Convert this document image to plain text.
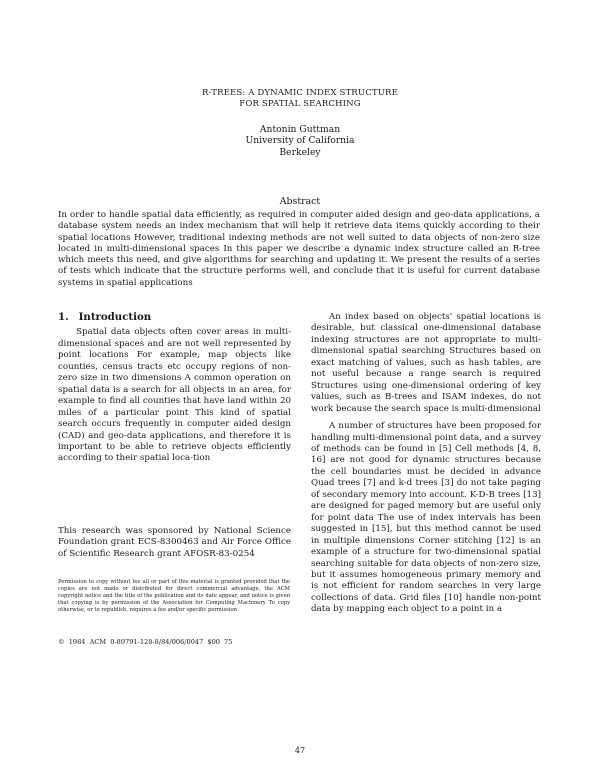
R-TREES: A DYNAMIC INDEX STRUCTURE
FOR SPATIAL SEARCHING
Antonin Guttman
University of California
Berkeley
Abstract
In order to handle spatial data efficiently, as required in computer aided design and geo-data applications, a database system needs an index mechanism that will help it retrieve data items quickly according to their spatial locations However, traditional indexing methods are not well suited to data objects of non-zero size located in multi-dimensional spaces In this paper we describe a dynamic index structure called an R-tree which meets this need, and give algorithms for searching and updating it. We present the results of a series of tests which indicate that the structure performs well, and conclude that it is useful for current database systems in spatial applications
1. Introduction

Spatial data objects often cover areas in multi-dimensional spaces and are not well represented by point locations For example, map objects like counties, census tracts etc occupy regions of non-zero size in two dimensions A common operation on spatial data is a search for all objects in an area, for example to find all counties that have land within 20 miles of a particular point This kind of spatial search occurs frequently in computer aided design (CAD) and geo-data applications, and therefore it is important to be able to retrieve objects efficiently according to their spatial loca-tion

An index based on objects' spatial locations is desirable, but classical one-dimensional database indexing structures are not appropriate to multi-dimensional spatial searching Structures based on exact matching of values, such as hash tables, are not useful because a range search is required Structures using one-dimensional ordering of key values, such as B-trees and ISAM indexes, do not work because the search space is multi-dimensional

A number of structures have been proposed for handling multi-dimensional point data, and a survey of methods can be found in [5] Cell methods [4, 8, 16] are not good for dynamic structures because the cell boundaries must be decided in advance Quad trees [7] and k-d trees [3] do not take paging of secondary memory into account. K-D-B trees [13] are designed for paged memory but are useful only for point data The use of index intervals has been suggested in [15], but this method cannot be used in multiple dimensions Corner stitching [12] is an example of a structure for two-dimensional spatial searching suitable for data objects of non-zero size, but it assumes homogeneous primary memory and is not efficient for random searches in very large collections of data. Grid files [10] handle non-point data by mapping each object to a point in a

This research was sponsored by National Science Foundation grant ECS-8300463 and Air Force Office of Scientific Research grant AFOSR-83-0254
Permission to copy without fee all or part of this material is granted provided that the copies are not made or distributed for direct commercial advantage, the ACM copyright notice and the title of the publication and its date appear, and notice is given that copying is by permission of the Association for Computing Machinery To copy otherwise, or to republish, requires a fee and/or specific permission
© 1984 ACM 0-89791-128-8/84/006/0047 $00 75
47
